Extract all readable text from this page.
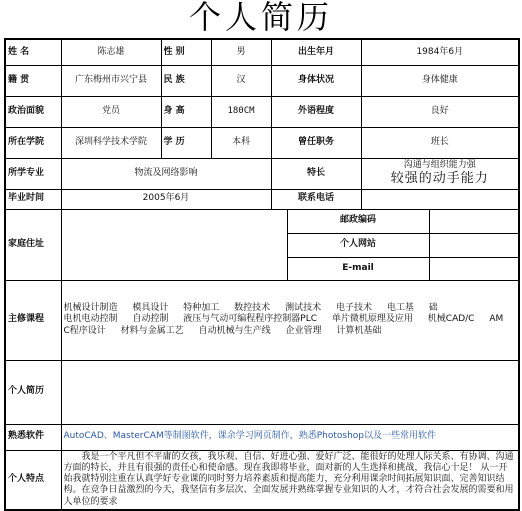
个人简历
姓 名	陈志雄	性 别	男	出生年月		1984年6月	
籍 贯	广东梅州市兴宁县	民 族	汉	身体状况		身体健康	
政治面貌	党员	身 高	180CM	外语程度		良好	
所在学院	深圳科学技术学院	学 历	本科	曾任职务		班长	
所学专业	物流及网络影响			特长		沟通与组织能力强
较强的动手能力	

毕业时间	2005年6月			联系电话			
家庭住址					邮政编码		
					个人网站		
					E-mail		
主修课程	机械设计制造 模具设计 特种加工 数控技术 测试技术 电子技术 电工基 础 电机电动控制 自动控制 液压与气动可编程程序控制器PLC 单片微机原理及应用 机械CAD/C AM C程序设计 材料与金属工艺 自动机械与生产线 企业管理 计算机基础						
个人简历							
熟悉软件	AutoCAD、MasterCAM等制图软件，课余学习网页制作，熟悉Photoshop以及一些常用软件						
个人特点	我是一个平凡但不平庸的女孩，我乐观、自信、好进心强、爱好广泛、能很好的处理人际关系、有协调、沟通方面的特长，并且有很强的责任心和使命感。现在我即将毕业，面对新的人生选择和挑战，我信心十足！ 从一开始我就特别注重在认真学好专业课的同时努力培养素质和提高能力，充分利用课余时间拓展知识面、完善知识结构。在竞争日益激烈的今天，我坚信有多层次、全面发展并熟练掌握专业知识的人才，才符合社会发展的需要和用人单位的要求						
